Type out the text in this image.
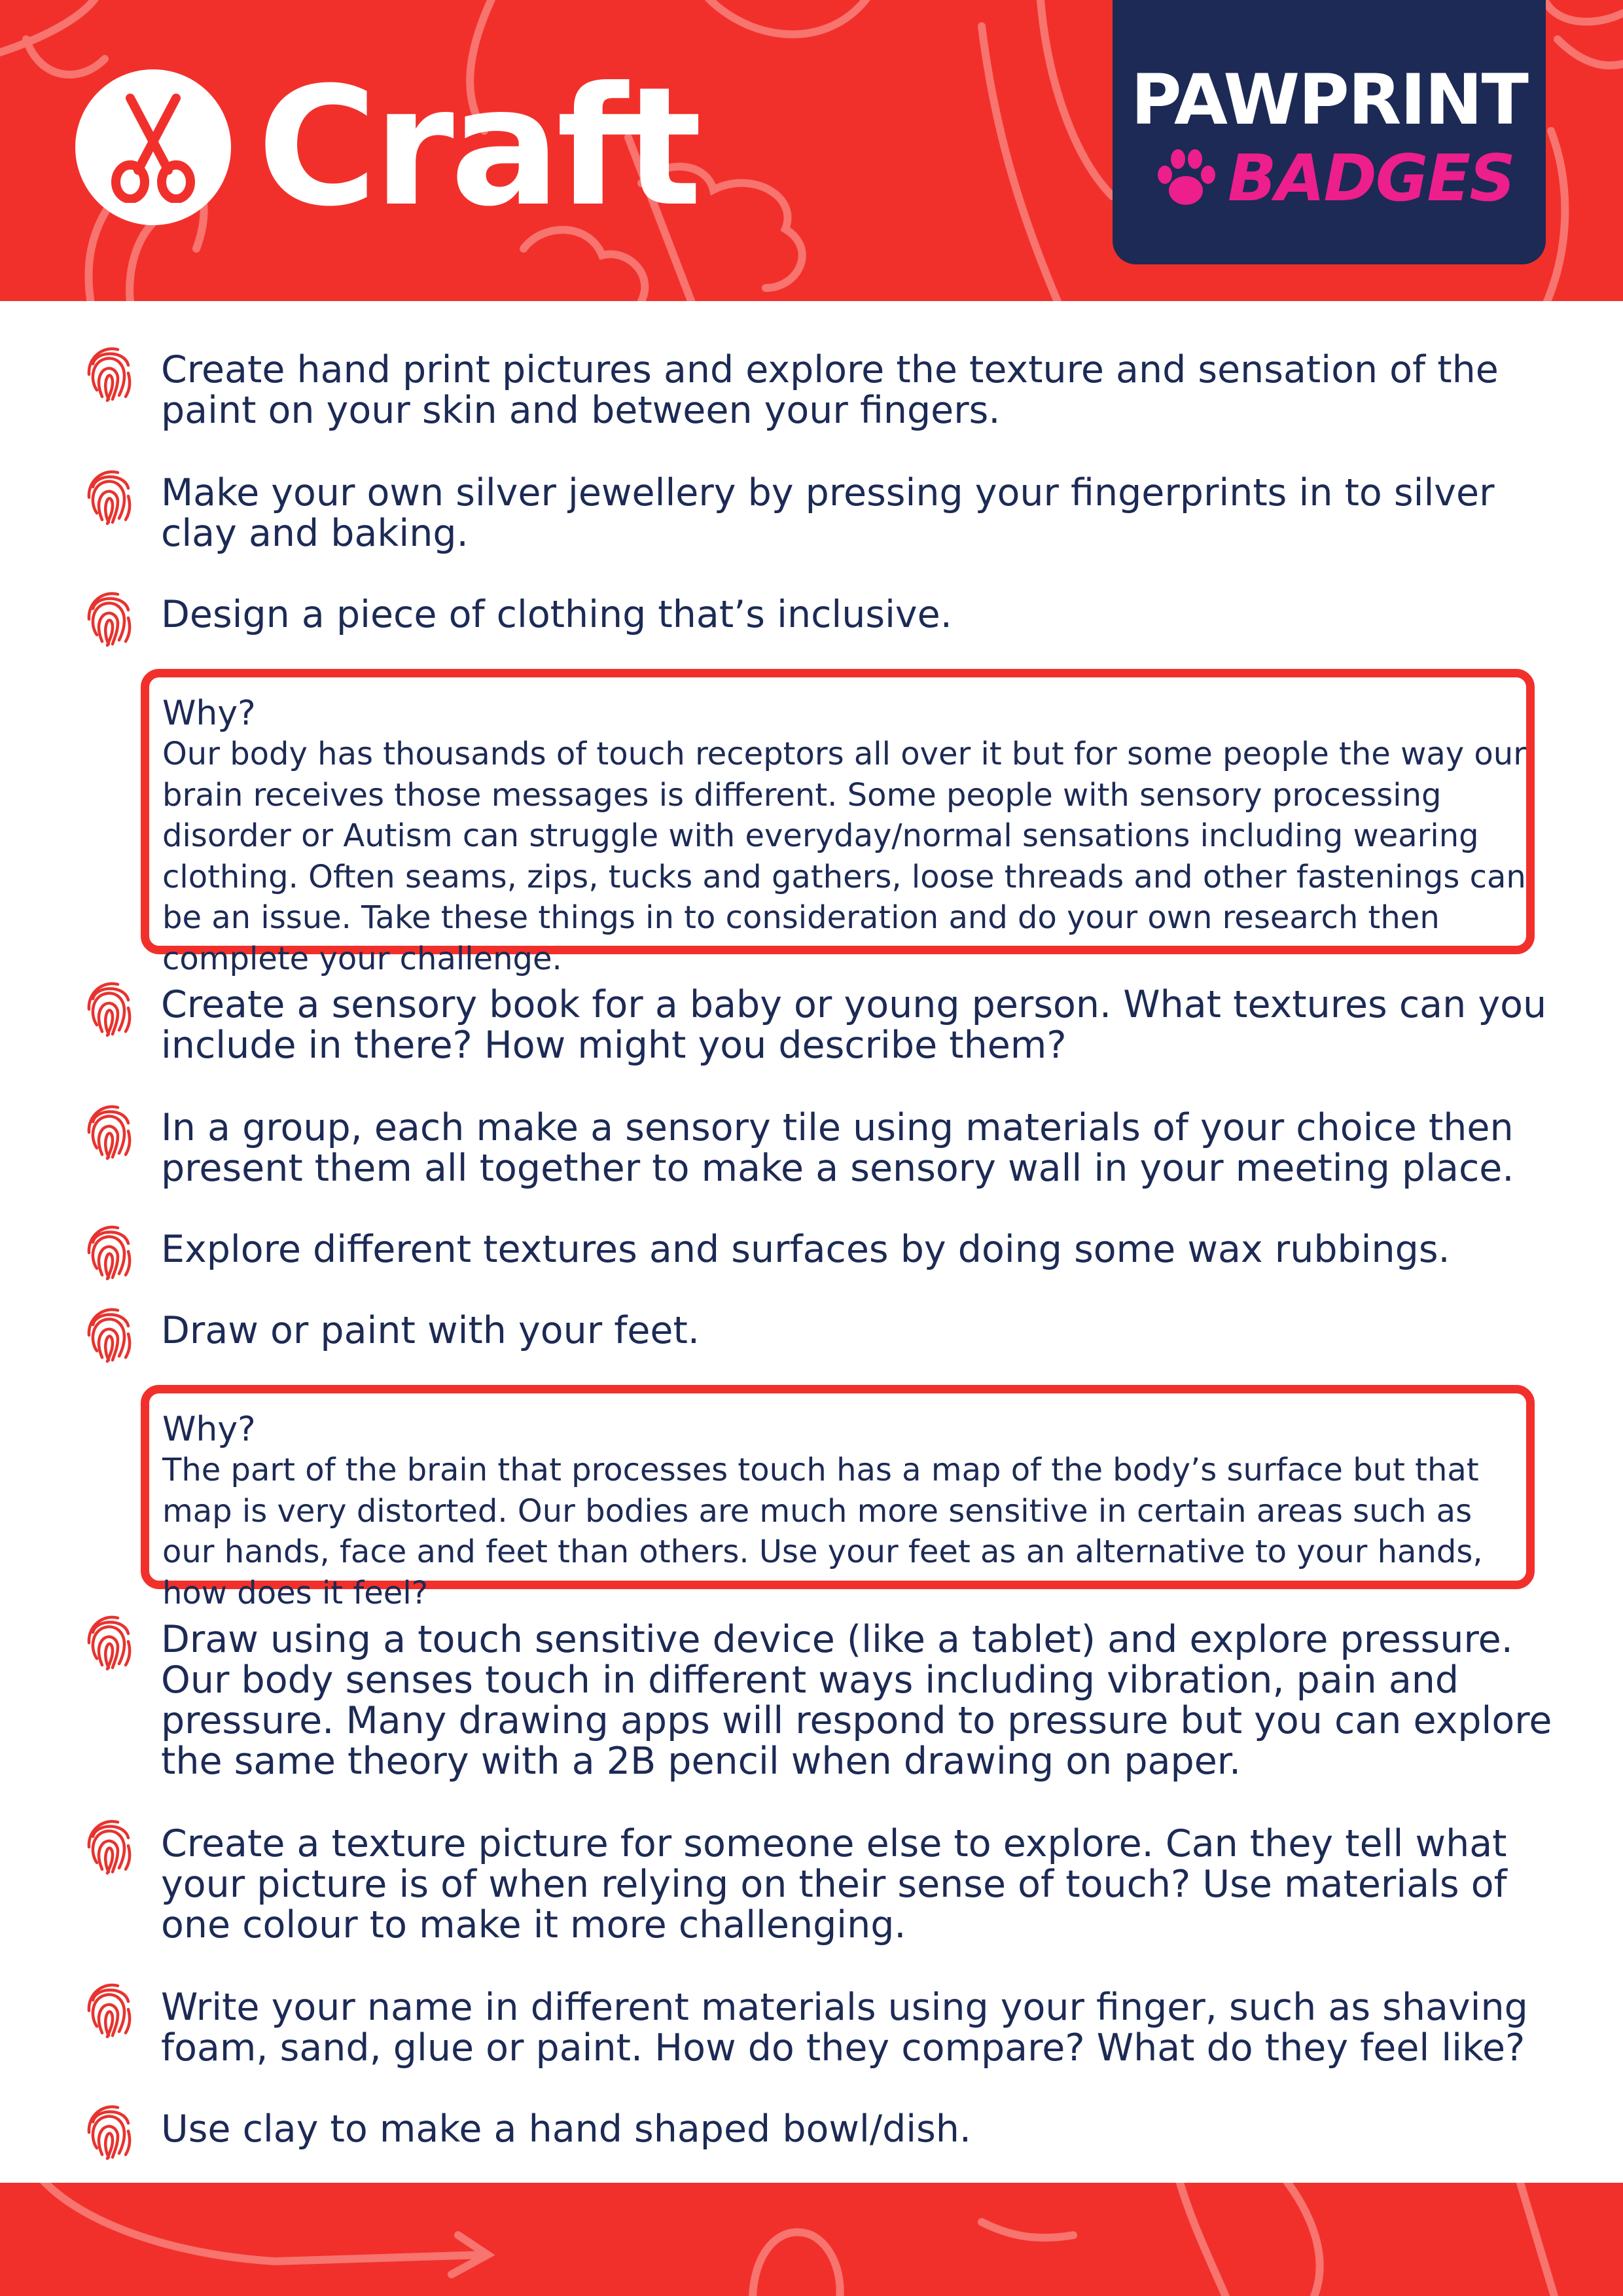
Craft	PAWPRINT
BADGES
Create hand print pictures and explore the texture and sensation of the paint on your skin and between your fingers.
Make your own silver jewellery by pressing your fingerprints in to silver clay and baking.
Design a piece of clothing that’s inclusive.
Why?
Our body has thousands of touch receptors all over it but for some people the way our brain receives those messages is different. Some people with sensory processing disorder or Autism can struggle with everyday/normal sensations including wearing clothing. Often seams, zips, tucks and gathers, loose threads and other fastenings can be an issue. Take these things in to consideration and do your own research then complete your challenge.
Create a sensory book for a baby or young person. What textures can you include in there? How might you describe them?
In a group, each make a sensory tile using materials of your choice then present them all together to make a sensory wall in your meeting place.
Explore different textures and surfaces by doing some wax rubbings.
Draw or paint with your feet.
Why?
The part of the brain that processes touch has a map of the body’s surface but that map is very distorted. Our bodies are much more sensitive in certain areas such as our hands, face and feet than others. Use your feet as an alternative to your hands, how does it feel?
Draw using a touch sensitive device (like a tablet) and explore pressure. Our body senses touch in different ways including vibration, pain and pressure. Many drawing apps will respond to pressure but you can explore the same theory with a 2B pencil when drawing on paper.
Create a texture picture for someone else to explore. Can they tell what your picture is of when relying on their sense of touch? Use materials of one colour to make it more challenging.
Write your name in different materials using your finger, such as shaving foam, sand, glue or paint. How do they compare? What do they feel like?
Use clay to make a hand shaped bowl/dish.
